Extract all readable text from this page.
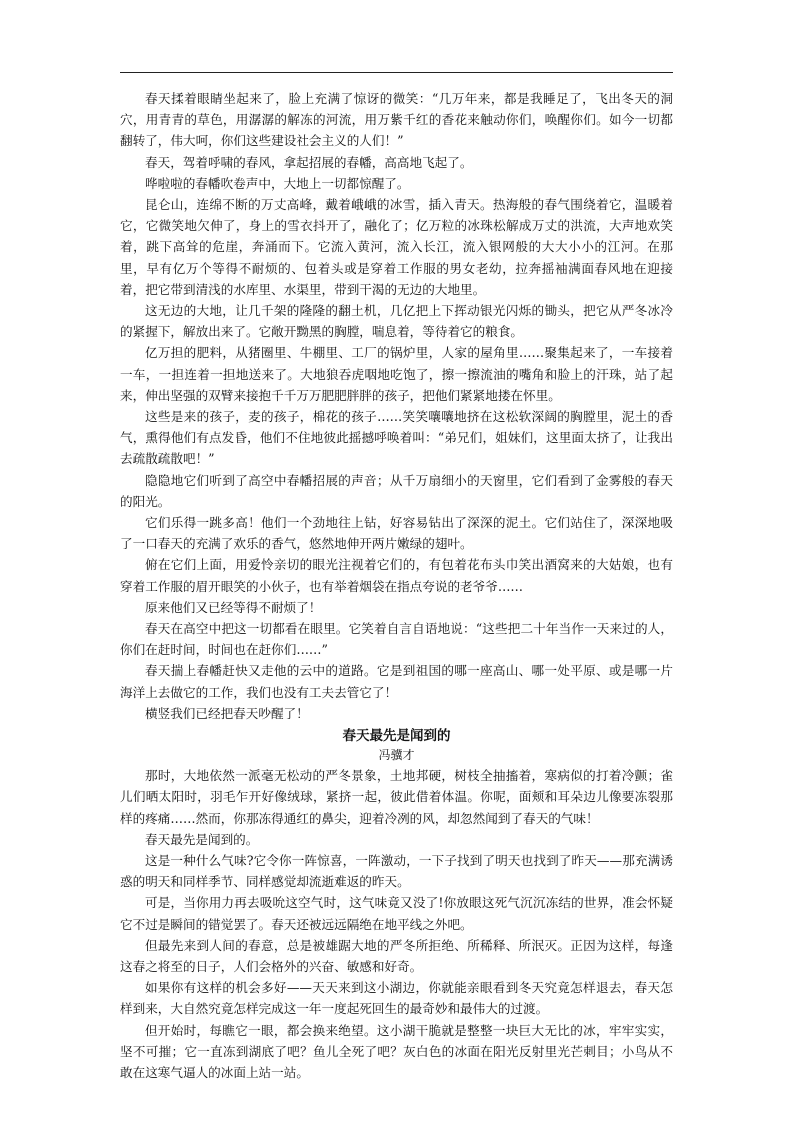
春天揉着眼睛坐起来了，脸上充满了惊讶的微笑：“几万年来，都是我睡足了，飞出冬天的洞穴，用青青的草色，用潺潺的解冻的河流，用万紫千红的香花来触动你们，唤醒你们。如今一切都翻转了，伟大呵，你们这些建设社会主义的人们！”

春天，驾着呼啸的春风，拿起招展的春幡，高高地飞起了。

哗啦啦的春幡吹卷声中，大地上一切都惊醒了。

昆仑山，连绵不断的万丈高峰，戴着峨峨的冰雪，插入青天。热海般的春气围绕着它，温暖着它，它微笑地欠伸了，身上的雪衣抖开了，融化了；亿万粒的冰珠松解成万丈的洪流，大声地欢笑着，跳下高耸的危崖，奔涌而下。它流入黄河，流入长江，流入银网般的大大小小的江河。在那里，早有亿万个等得不耐烦的、包着头或是穿着工作服的男女老幼，拉奔摇袖满面春风地在迎接着，把它带到清浅的水库里、水渠里，带到干渴的无边的大地里。

这无边的大地，让几千架的隆隆的翻土机，几亿把上下挥动银光闪烁的锄头，把它从严冬冰冷的紧握下，解放出来了。它敞开黝黑的胸膛，喘息着，等待着它的粮食。

亿万担的肥料，从猪圈里、牛棚里、工厂的锅炉里，人家的屋角里……聚集起来了，一车接着一车，一担连着一担地送来了。大地狼吞虎咽地吃饱了，擦一擦流油的嘴角和脸上的汗珠，站了起来，伸出坚强的双臂来接抱千千万万肥肥胖胖的孩子，把他们紧紧地搂在怀里。

这些是来的孩子，麦的孩子，棉花的孩子……笑笑嚷嚷地挤在这松软深阔的胸膛里，泥土的香气，熏得他们有点发昏，他们不住地彼此摇撼呼唤着叫：“弟兄们，姐妹们，这里面太挤了，让我出去疏散疏散吧！”

隐隐地它们听到了高空中春幡招展的声音；从千万扇细小的天窗里，它们看到了金雾般的春天的阳光。

它们乐得一跳多高！他们一个劲地往上钻，好容易钻出了深深的泥土。它们站住了，深深地吸了一口春天的充满了欢乐的香气，悠然地伸开两片嫩绿的翅叶。

俯在它们上面，用爱怜亲切的眼光注视着它们的，有包着花布头巾笑出酒窝来的大姑娘，也有穿着工作服的眉开眼笑的小伙子，也有举着烟袋在指点夸说的老爷爷……

原来他们又已经等得不耐烦了！

春天在高空中把这一切都看在眼里。它笑着自言自语地说：“这些把二十年当作一天来过的人，你们在赶时间，时间也在赶你们……”

春天揣上春幡赶快又走他的云中的道路。它是到祖国的哪一座高山、哪一处平原、或是哪一片海洋上去做它的工作，我们也没有工夫去管它了！

横竖我们已经把春天吵醒了！

春天最先是闻到的

冯骥才

那时，大地依然一派毫无松动的严冬景象，土地邦硬，树枝全抽搐着，寒病似的打着冷颤；雀儿们晒太阳时，羽毛乍开好像绒球，紧挤一起，彼此借着体温。你呢，面颊和耳朵边儿像要冻裂那样的疼痛……然而，你那冻得通红的鼻尖，迎着冷冽的风，却忽然闻到了春天的气味！

春天最先是闻到的。

这是一种什么气味?它令你一阵惊喜，一阵激动，一下子找到了明天也找到了昨天——那充满诱惑的明天和同样季节、同样感觉却流逝难返的昨天。

可是，当你用力再去吸吮这空气时，这气味竟又没了!你放眼这死气沉沉冻结的世界，准会怀疑它不过是瞬间的错觉罢了。春天还被远远隔绝在地平线之外吧。

但最先来到人间的春意，总是被雄踞大地的严冬所拒绝、所稀释、所泯灭。正因为这样，每逢这春之将至的日子，人们会格外的兴奋、敏感和好奇。

如果你有这样的机会多好——天天来到这小湖边，你就能亲眼看到冬天究竟怎样退去，春天怎样到来，大自然究竟怎样完成这一年一度起死回生的最奇妙和最伟大的过渡。

但开始时，每瞧它一眼，都会换来绝望。这小湖干脆就是整整一块巨大无比的冰，牢牢实实，坚不可摧；它一直冻到湖底了吧？鱼儿全死了吧？灰白色的冰面在阳光反射里光芒刺目；小鸟从不敢在这寒气逼人的冰面上站一站。
